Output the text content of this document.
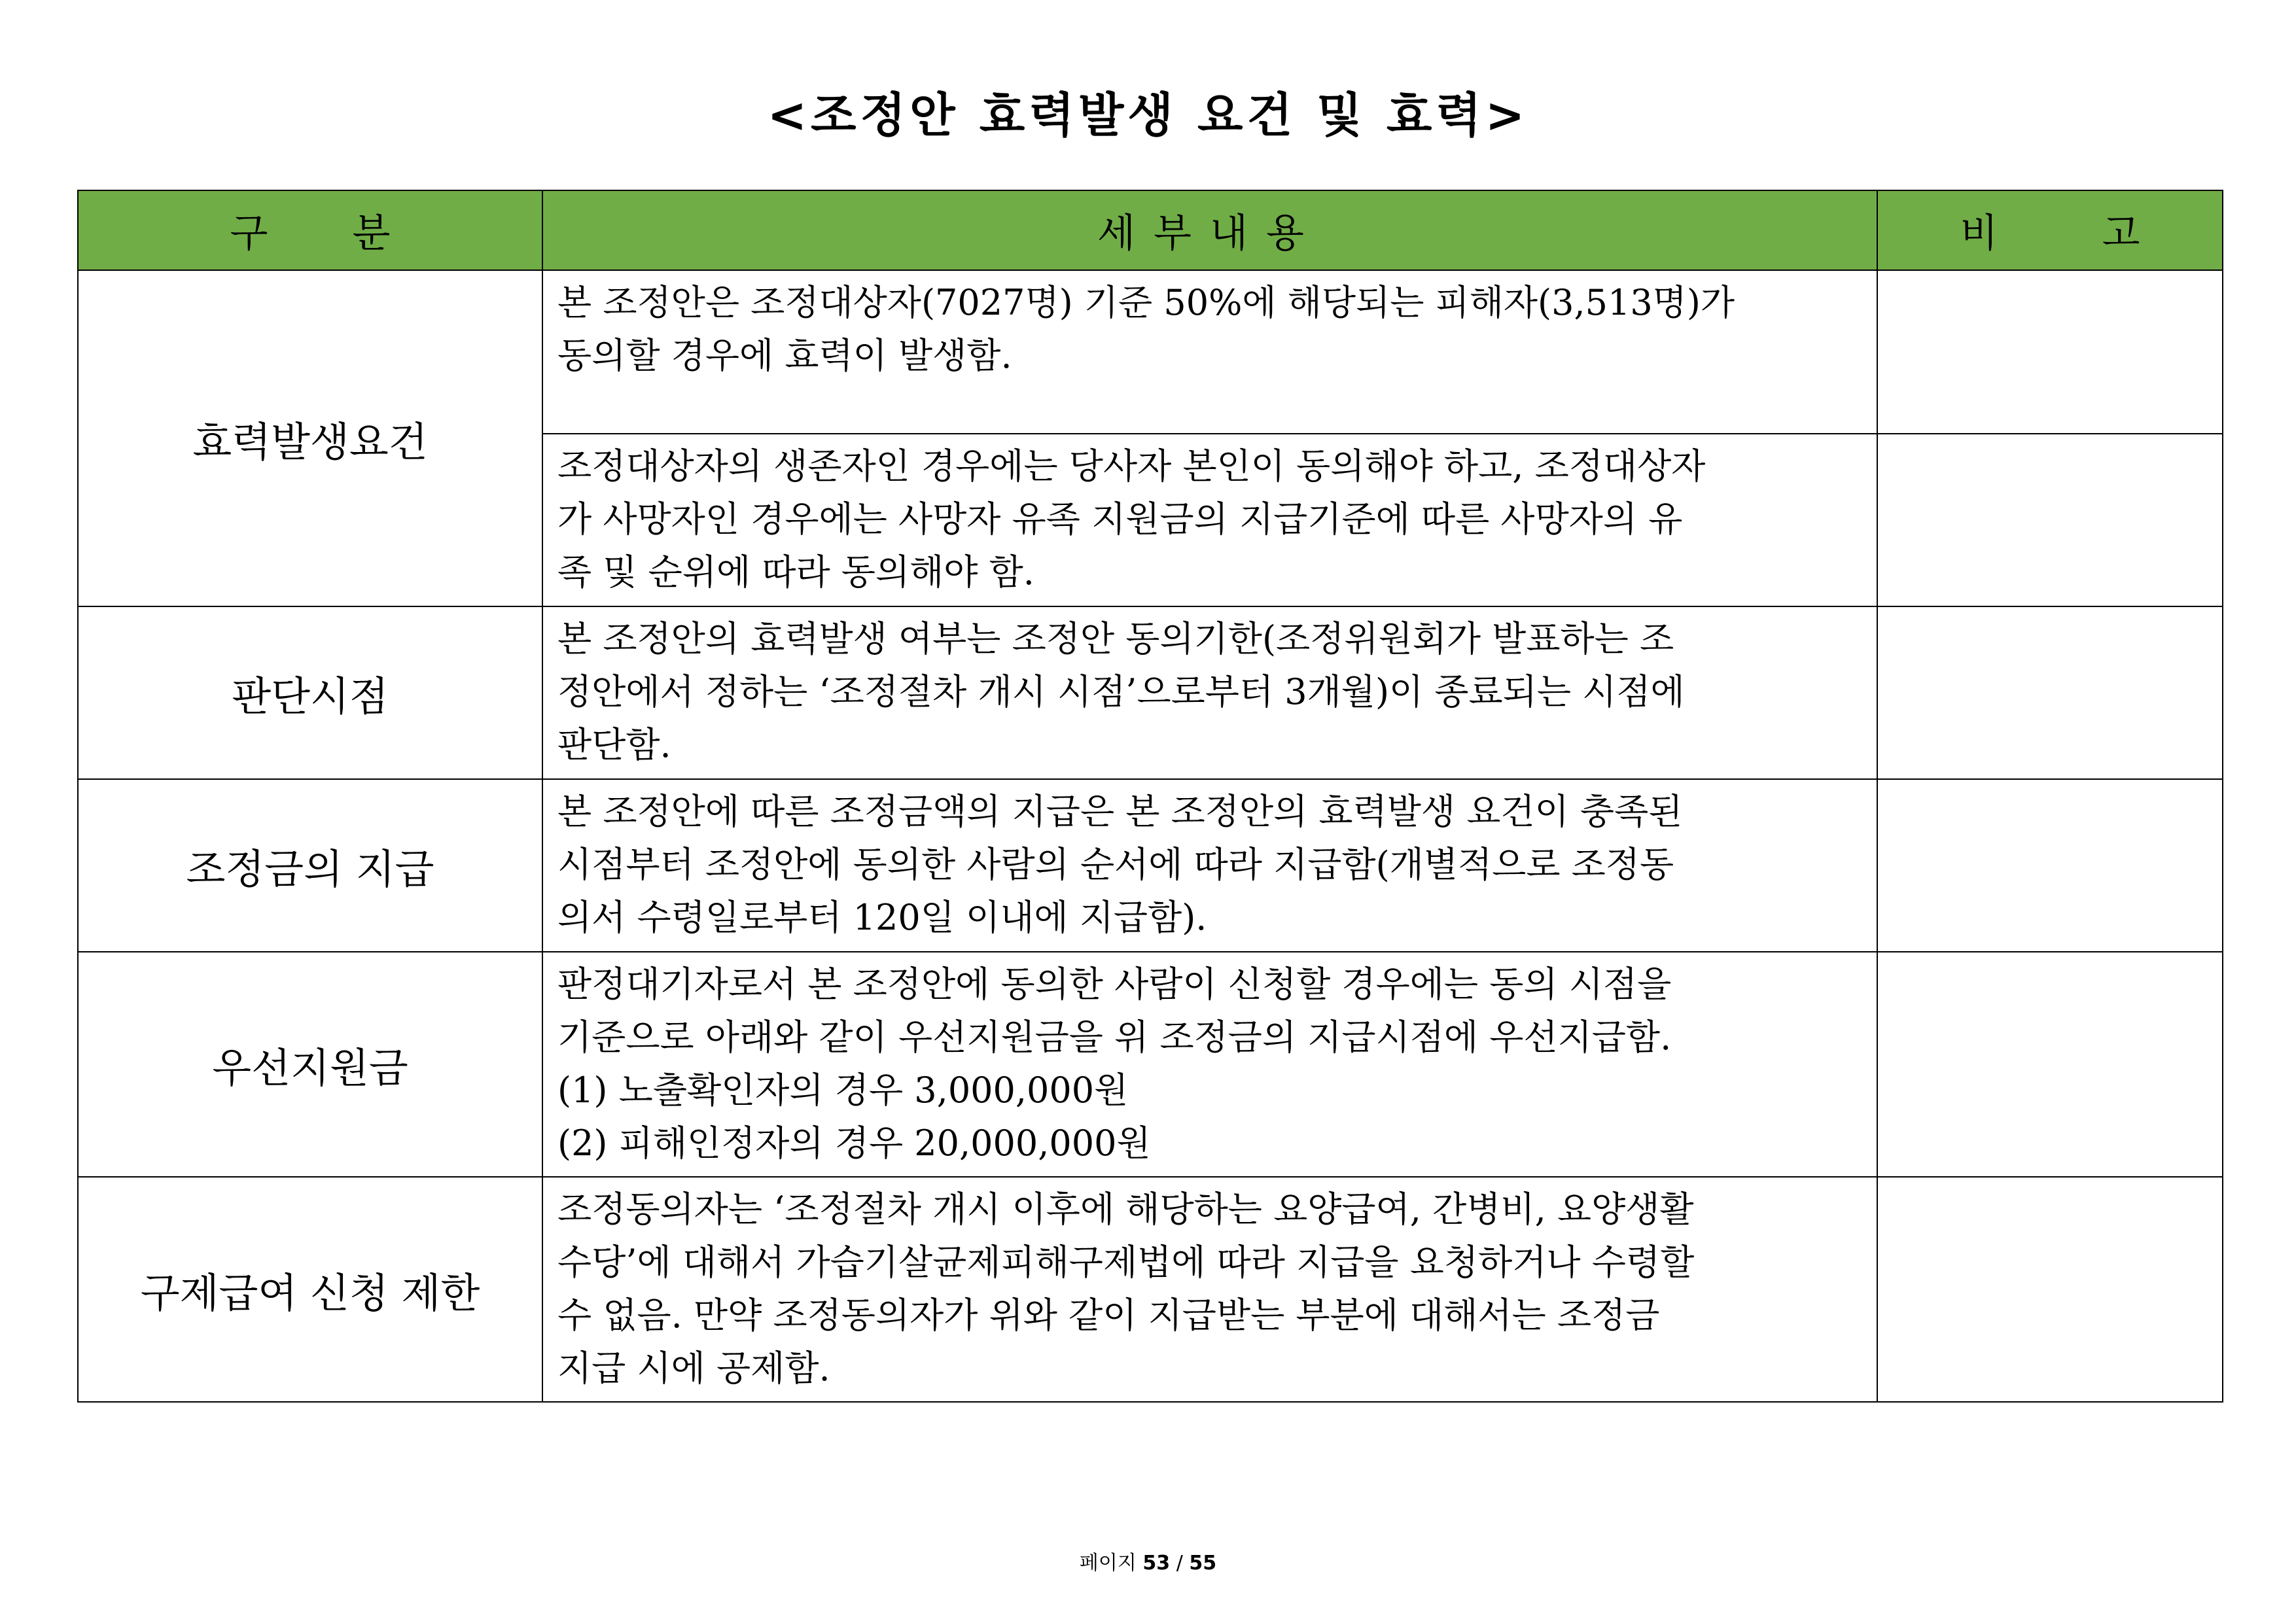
<조정안 효력발생 요건 및 효력>
구 분	세부내용	비 고
효력발생요건	본 조정안은 조정대상자(7027명) 기준 50%에 해당되는 피해자(3,513명)가
동의할 경우에 효력이 발생함.	

	조정대상자의 생존자인 경우에는 당사자 본인이 동의해야 하고, 조정대상자
가 사망자인 경우에는 사망자 유족 지원금의 지급기준에 따른 사망자의 유
족 및 순위에 따라 동의해야 함.	

판단시점	본 조정안의 효력발생 여부는 조정안 동의기한(조정위원회가 발표하는 조
정안에서 정하는 ‘조정절차 개시 시점’으로부터 3개월)이 종료되는 시점에
판단함.	

조정금의 지급	본 조정안에 따른 조정금액의 지급은 본 조정안의 효력발생 요건이 충족된
시점부터 조정안에 동의한 사람의 순서에 따라 지급함(개별적으로 조정동
의서 수령일로부터 120일 이내에 지급함).	

우선지원금	판정대기자로서 본 조정안에 동의한 사람이 신청할 경우에는 동의 시점을
기준으로 아래와 같이 우선지원금을 위 조정금의 지급시점에 우선지급함.
(1) 노출확인자의 경우 3,000,000원
(2) 피해인정자의 경우 20,000,000원	

구제급여 신청 제한	조정동의자는 ‘조정절차 개시 이후에 해당하는 요양급여, 간병비, 요양생활
수당’에 대해서 가습기살균제피해구제법에 따라 지급을 요청하거나 수령할
수 없음. 만약 조정동의자가 위와 같이 지급받는 부분에 대해서는 조정금
지급 시에 공제함.	

페이지 53 / 55
